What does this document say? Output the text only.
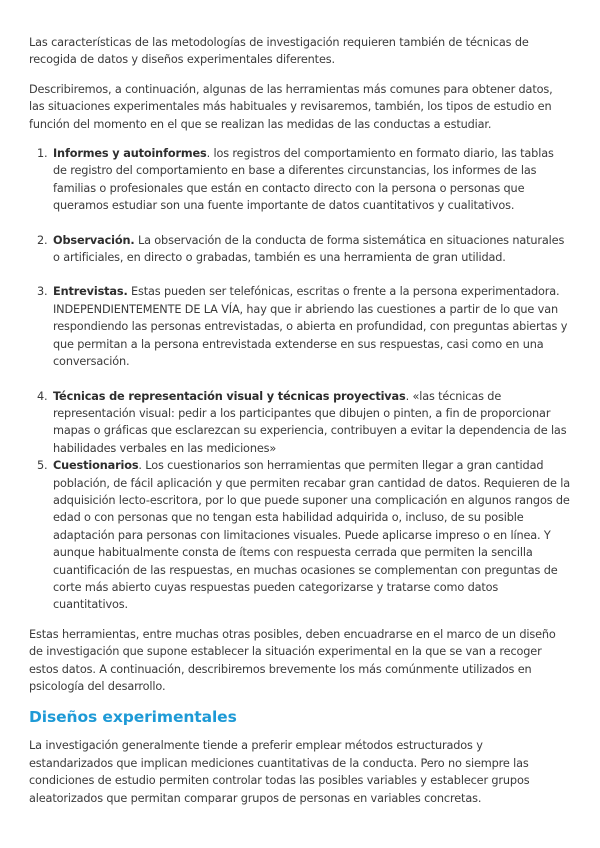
Las características de las metodologías de investigación requieren también de técnicas de recogida de datos y diseños experimentales diferentes.

Describiremos, a continuación, algunas de las herramientas más comunes para obtener datos, las situaciones experimentales más habituales y revisaremos, también, los tipos de estudio en función del momento en el que se realizan las medidas de las conductas a estudiar.

1. Informes y autoinformes. los registros del comportamiento en formato diario, las tablas de registro del comportamiento en base a diferentes circunstancias, los informes de las familias o profesionales que están en contacto directo con la persona o personas que queramos estudiar son una fuente importante de datos cuantitativos y cualitativos.
2. Observación. La observación de la conducta de forma sistemática en situaciones naturales o artificiales, en directo o grabadas, también es una herramienta de gran utilidad.
3. Entrevistas. Estas pueden ser telefónicas, escritas o frente a la persona experimentadora. INDEPENDIENTEMENTE DE LA VÍA, hay que ir abriendo las cuestiones a partir de lo que van respondiendo las personas entrevistadas, o abierta en profundidad, con preguntas abiertas y que permitan a la persona entrevistada extenderse en sus respuestas, casi como en una conversación.
4. Técnicas de representación visual y técnicas proyectivas. «las técnicas de representación visual: pedir a los participantes que dibujen o pinten, a fin de proporcionar mapas o gráficas que esclarezcan su experiencia, contribuyen a evitar la dependencia de las habilidades verbales en las mediciones»
5. Cuestionarios. Los cuestionarios son herramientas que permiten llegar a gran cantidad población, de fácil aplicación y que permiten recabar gran cantidad de datos. Requieren de la adquisición lecto-escritora, por lo que puede suponer una complicación en algunos rangos de edad o con personas que no tengan esta habilidad adquirida o, incluso, de su posible adaptación para personas con limitaciones visuales. Puede aplicarse impreso o en línea. Y aunque habitualmente consta de ítems con respuesta cerrada que permiten la sencilla cuantificación de las respuestas, en muchas ocasiones se complementan con preguntas de corte más abierto cuyas respuestas pueden categorizarse y tratarse como datos cuantitativos.

Estas herramientas, entre muchas otras posibles, deben encuadrarse en el marco de un diseño de investigación que supone establecer la situación experimental en la que se van a recoger estos datos. A continuación, describiremos brevemente los más comúnmente utilizados en psicología del desarrollo.

Diseños experimentales

La investigación generalmente tiende a preferir emplear métodos estructurados y estandarizados que implican mediciones cuantitativas de la conducta. Pero no siempre las condiciones de estudio permiten controlar todas las posibles variables y establecer grupos aleatorizados que permitan comparar grupos de personas en variables concretas.
